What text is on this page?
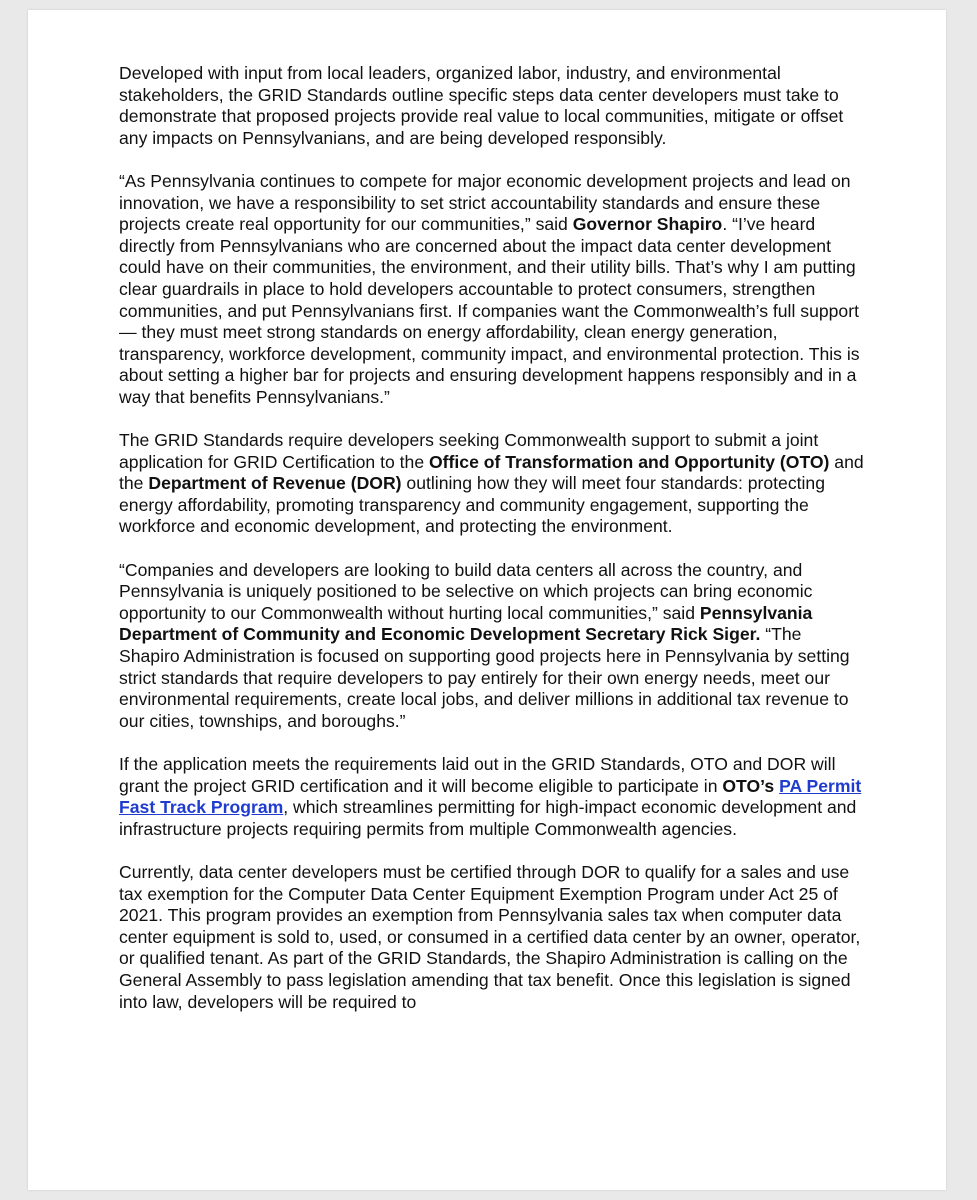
Developed with input from local leaders, organized labor, industry, and environmental stakeholders, the GRID Standards outline specific steps data center developers must take to demonstrate that proposed projects provide real value to local communities, mitigate or offset any impacts on Pennsylvanians, and are being developed responsibly.

“As Pennsylvania continues to compete for major economic development projects and lead on innovation, we have a responsibility to set strict accountability standards and ensure these projects create real opportunity for our communities,” said Governor Shapiro. “I’ve heard directly from Pennsylvanians who are concerned about the impact data center development could have on their communities, the environment, and their utility bills. That’s why I am putting clear guardrails in place to hold developers accountable to protect consumers, strengthen communities, and put Pennsylvanians first. If companies want the Commonwealth’s full support — they must meet strong standards on energy affordability, clean energy generation, transparency, workforce development, community impact, and environmental protection. This is about setting a higher bar for projects and ensuring development happens responsibly and in a way that benefits Pennsylvanians.”

The GRID Standards require developers seeking Commonwealth support to submit a joint application for GRID Certification to the Office of Transformation and Opportunity (OTO) and the Department of Revenue (DOR) outlining how they will meet four standards: protecting energy affordability, promoting transparency and community engagement, supporting the workforce and economic development, and protecting the environment.

“Companies and developers are looking to build data centers all across the country, and Pennsylvania is uniquely positioned to be selective on which projects can bring economic opportunity to our Commonwealth without hurting local communities,” said Pennsylvania Department of Community and Economic Development Secretary Rick Siger. “The Shapiro Administration is focused on supporting good projects here in Pennsylvania by setting strict standards that require developers to pay entirely for their own energy needs, meet our environmental requirements, create local jobs, and deliver millions in additional tax revenue to our cities, townships, and boroughs.”

If the application meets the requirements laid out in the GRID Standards, OTO and DOR will grant the project GRID certification and it will become eligible to participate in OTO’s PA Permit Fast Track Program, which streamlines permitting for high-impact economic development and infrastructure projects requiring permits from multiple Commonwealth agencies.

Currently, data center developers must be certified through DOR to qualify for a sales and use tax exemption for the Computer Data Center Equipment Exemption Program under Act 25 of 2021. This program provides an exemption from Pennsylvania sales tax when computer data center equipment is sold to, used, or consumed in a certified data center by an owner, operator, or qualified tenant. As part of the GRID Standards, the Shapiro Administration is calling on the General Assembly to pass legislation amending that tax benefit. Once this legislation is signed into law, developers will be required to
